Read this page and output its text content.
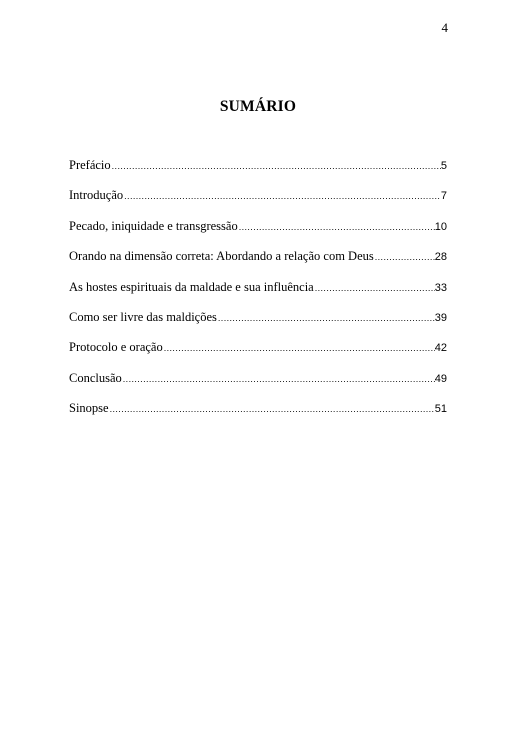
4
SUMÁRIO
Prefácio .....	5
Introdução .....	7
Pecado, iniquidade e transgressão .....	10
Orando na dimensão correta: Abordando a relação com Deus .....	28
As hostes espirituais da maldade e sua influência .....	33
Como ser livre das maldições .....	39
Protocolo e oração .....	42
Conclusão .....	49
Sinopse .....	51
